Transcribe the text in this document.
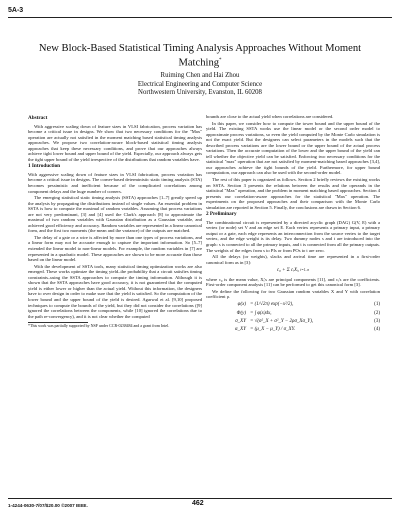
5A-3
New Block-Based Statistical Timing Analysis Approaches Without Moment
Matching*
Ruiming Chen and Hai Zhou
Electrical Engineering and Computer Science
Northwestern University, Evanston, IL 60208
Abstract

With aggressive scaling down of feature sizes in VLSI fabrication, process variation has become a critical issue in designs. We show that two necessary conditions for the "Max" operation are actually not satisfied in the moment matching based statistical timing analysis approaches. We propose two correlation-aware block-based statistical timing analysis approaches that keep these necessary conditions, and prove that our approaches always achieve tight lower bound and upper bound of the yield. Especially, our approach always gets the tight upper bound of the yield irrespective of the distributions that random variables have.

1 Introduction

With aggressive scaling down of feature sizes in VLSI fabrication, process variation has become a critical issue in designs. The corner-based deterministic static timing analysis (STA) becomes pessimistic and inefficient because of the complicated correlations among component delays and the huge number of corners.

The emerging statistical static timing analysis (SSTA) approaches [1–7] greatly speed up the analysis by propagating the distributions instead of single values. An essential problem in SSTA is how to compute the maximal of random variables. Assuming that process variations are not very predominant, [3] and [4] used the Clark's approach [8] to approximate the maximal of two random variables with Gaussian distribution as a Gaussian variable, and achieved good efficiency and accuracy. Random variables are represented in a linear canonical form, and the first two moments (the mean and the variance) of the outputs are matched.

The delay of a gate or a wire is affected by more than one types of process variations, and a linear form may not be accurate enough to capture the important information. So [5–7] extended the linear model to non-linear models. For example, the random variables in [7] are represented in a quadratic model. These approaches are shown to be more accurate than those based on the linear model.

With the development of SSTA tools, many statistical timing optimization works are also emerged. These works optimize the timing yield–the probability that a circuit satisfies timing constraints–using the SSTA approaches to compute the timing information. Although it is shown that the SSTA approaches have good accuracy, it is not guaranteed that the computed yield is either lower or higher than the actual yield. Without this information, the designers have to over design in order to make sure that the yield is satisfied. So the computation of the lower bound and the upper bound of the yield is desired. Agarwal et al. [9,10] proposed techniques to compute the bounds of the yield, but they did not consider the correlations ([9] ignored the correlations between the components, while [10] ignored the correlations due to the path re-convergency), and it is not clear whether the computed

*This work was partially supported by NSF under CCR-0238484 and a grant from Intel.

bounds are close to the actual yield when correlations are considered.

In this paper, we consider how to compute the tower bound and the upper bound of the yield. The existing SSTA works use the linear model or the second order model to approximate process variations, so even the yield computed by the Monte Carlo simulation is not the exact yield. But the designers can select parameters in the models such that the described process variations are the lower bound or the upper bound of the actual process variations. Then the accurate computation of the lower and the upper bound of the yield can tell whether the objective yield can be satisfied. Enforcing two necessary conditions for the statistical "max" operation that are not satisfied by moment-matching based approaches [3,4], our approaches achieve the tight bounds of the yield. Furthermore, for upper bound computation, our approach can also be used with the second-order model.

The rest of this paper is organized as follows. Section 2 briefly reviews the existing works on SSTA. Section 3 presents the relations between the results and the operands in the statistical "Max" operation, and the problem in moment matching based approaches. Section 4 presents our correlation-aware approaches for the statistical "Max" operation. The experiments on the proposed approaches and their comparison with the Monte Carlo simulation are reported in Section 5. Finally, the conclusions are drawn in Section 6.

2 Preliminary

The combinational circuit is represented by a directed acyclic graph (DAG) G(V, E) with a vertex (or node) set V and an edge set E. Each vertex represents a primary input, a primary output or a gate, each edge represents an interconnection from the source vertex to the target vertex, and the edge weight is its delay. Two dummy nodes s and t are introduced into the graph: s is connected to all the primary inputs, and t is connected from all the primary outputs. The weights of the edges from s to PIs or from POs to t are zero.

All the delays (or weights), slacks and arrival time are represented in a first-order canonical form as in [3]:

c₀ + Σ cᵢXᵢ, i=1..n

where c₀ is the mean value, Xᵢ's are principal components [11], and cᵢ's are the coefficients. First-order component analysis [11] can be performed to get this canonical form [3].

We define the following for two Gaussian random variables X and Y with correlation coefficient ρ.

φ(x) = (1/√2π) exp(−x²/2),	(1)
Φ(y) = ∫ φ(x)dx,	(2)
σ_XY = √(σ²_X + σ²_Y − 2ρσ_Xσ_Y),	(3)
α_XY = (μ_X − μ_Y) / σ_XY.	(4)
1-4244-0630-7/07/$20.00 ©2007 IEEE.	462
